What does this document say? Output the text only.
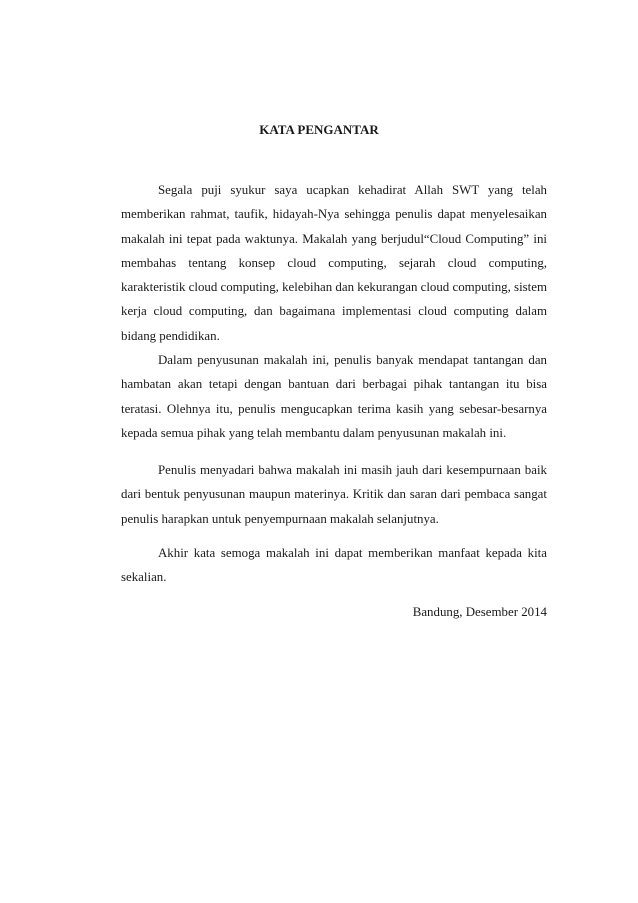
KATA PENGANTAR

Segala puji syukur saya ucapkan kehadirat Allah SWT yang telah memberikan rahmat, taufik, hidayah-Nya sehingga penulis dapat menyelesaikan makalah ini tepat pada waktunya. Makalah yang berjudul“Cloud Computing” ini membahas tentang konsep cloud computing, sejarah cloud computing, karakteristik cloud computing, kelebihan dan kekurangan cloud computing, sistem kerja cloud computing, dan bagaimana implementasi cloud computing dalam bidang pendidikan.

Dalam penyusunan makalah ini, penulis banyak mendapat tantangan dan hambatan akan tetapi dengan bantuan dari berbagai pihak tantangan itu bisa teratasi. Olehnya itu, penulis mengucapkan terima kasih yang sebesar-besarnya kepada semua pihak yang telah membantu dalam penyusunan makalah ini.

Penulis menyadari bahwa makalah ini masih jauh dari kesempurnaan baik dari bentuk penyusunan maupun materinya. Kritik dan saran dari pembaca sangat penulis harapkan untuk penyempurnaan makalah selanjutnya.

Akhir kata semoga makalah ini dapat memberikan manfaat kepada kita sekalian.

Bandung, Desember 2014
